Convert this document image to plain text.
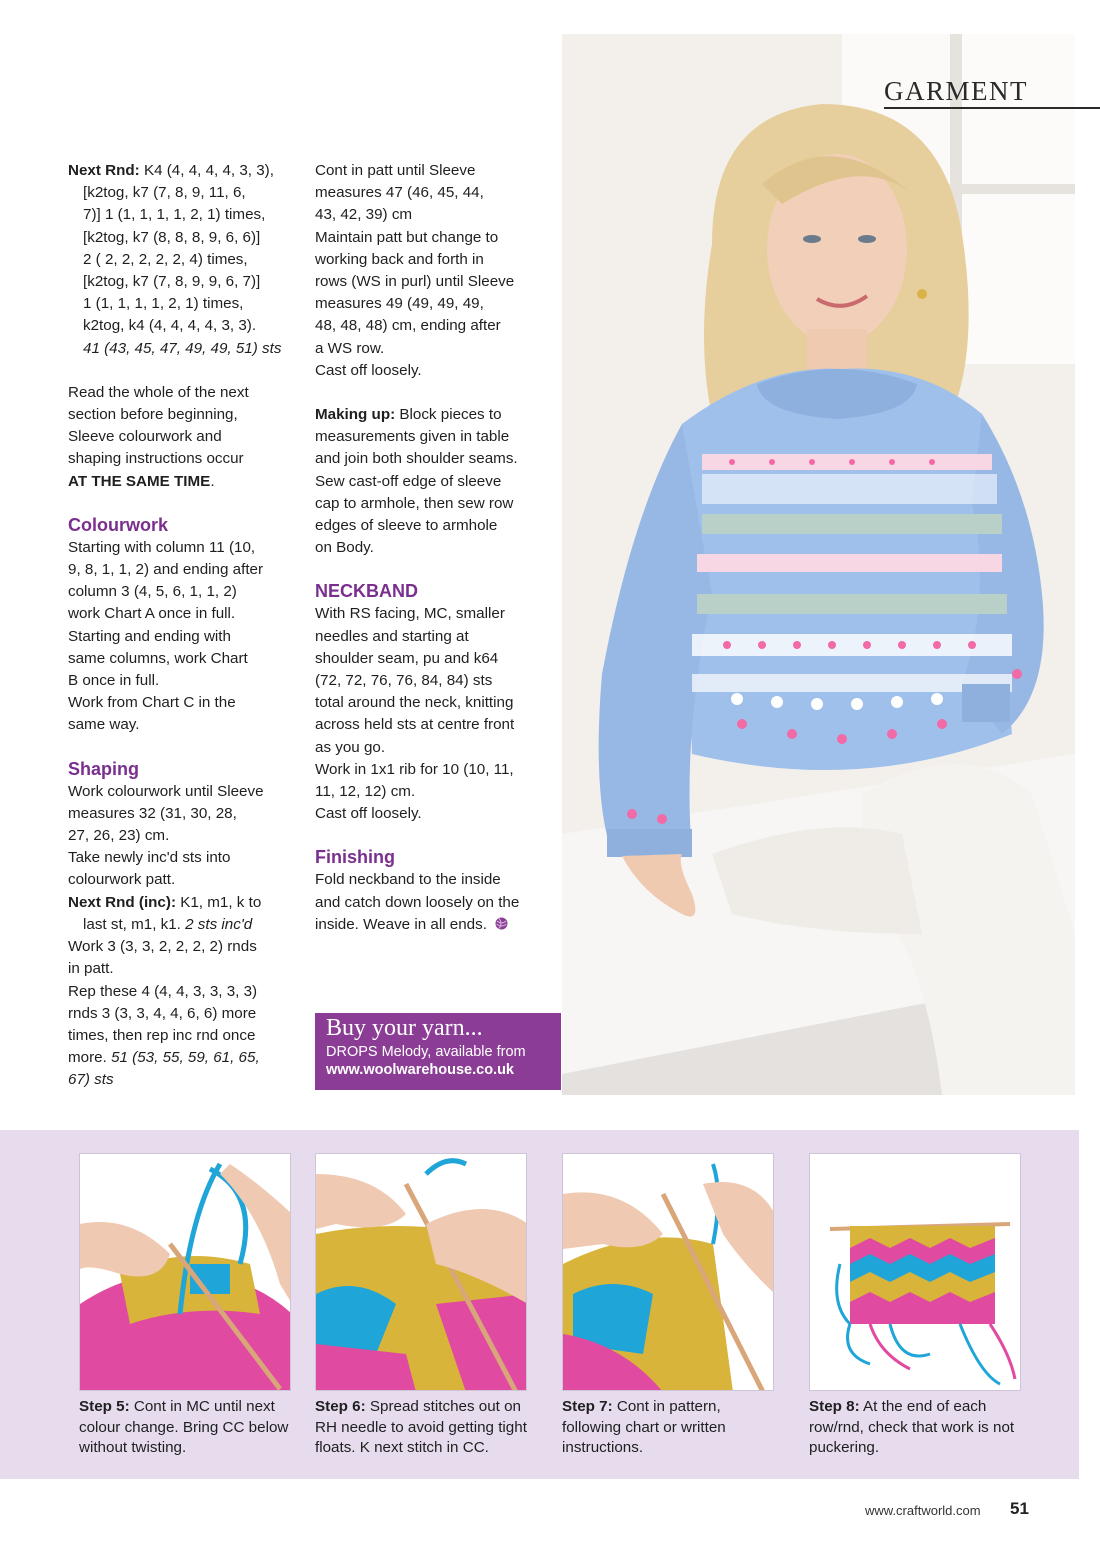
Next Rnd: K4 (4, 4, 4, 4, 3, 3),

[k2tog, k7 (7, 8, 9, 11, 6,
7)] 1 (1, 1, 1, 1, 2, 1) times,
[k2tog, k7 (8, 8, 8, 9, 6, 6)]
2 ( 2, 2, 2, 2, 2, 4) times,
[k2tog, k7 (7, 8, 9, 9, 6, 7)]
1 (1, 1, 1, 1, 2, 1) times,
k2tog, k4 (4, 4, 4, 4, 3, 3).
41 (43, 45, 47, 49, 49, 51) sts

Read the whole of the next

section before beginning,

Sleeve colourwork and

shaping instructions occur

AT THE SAME TIME.

Colourwork

Starting with column 11 (10,

9, 8, 1, 1, 2) and ending after

column 3 (4, 5, 6, 1, 1, 2)

work Chart A once in full.

Starting and ending with

same columns, work Chart

B once in full.

Work from Chart C in the

same way.

Shaping

Work colourwork until Sleeve

measures 32 (31, 30, 28,

27, 26, 23) cm.

Take newly inc'd sts into

colourwork patt.

Next Rnd (inc): K1, m1, k to

last st, m1, k1. 2 sts inc'd

Work 3 (3, 3, 2, 2, 2, 2) rnds

in patt.

Rep these 4 (4, 4, 3, 3, 3, 3)

rnds 3 (3, 3, 4, 4, 6, 6) more

times, then rep inc rnd once

more. 51 (53, 55, 59, 61, 65,

67) sts

Cont in patt until Sleeve

measures 47 (46, 45, 44,

43, 42, 39) cm

Maintain patt but change to

working back and forth in

rows (WS in purl) until Sleeve

measures 49 (49, 49, 49,

48, 48, 48) cm, ending after

a WS row.

Cast off loosely.

Making up: Block pieces to

measurements given in table

and join both shoulder seams.

Sew cast-off edge of sleeve

cap to armhole, then sew row

edges of sleeve to armhole

on Body.

NECKBAND

With RS facing, MC, smaller

needles and starting at

shoulder seam, pu and k64

(72, 72, 76, 76, 84, 84) sts

total around the neck, knitting

across held sts at centre front

as you go.

Work in 1x1 rib for 10 (10, 11,

11, 12, 12) cm.

Cast off loosely.

Finishing

Fold neckband to the inside

and catch down loosely on the

inside. Weave in all ends.

GARMENT
Buy your yarn...
DROPS Melody, available from
www.woolwarehouse.co.uk
Step 5: Cont in MC until next colour change. Bring CC below without twisting.
Step 6: Spread stitches out on RH needle to avoid getting tight floats. K next stitch in CC.
Step 7: Cont in pattern, following chart or written instructions.
Step 8: At the end of each row/rnd, check that work is not puckering.
www.craftworld.com 51
